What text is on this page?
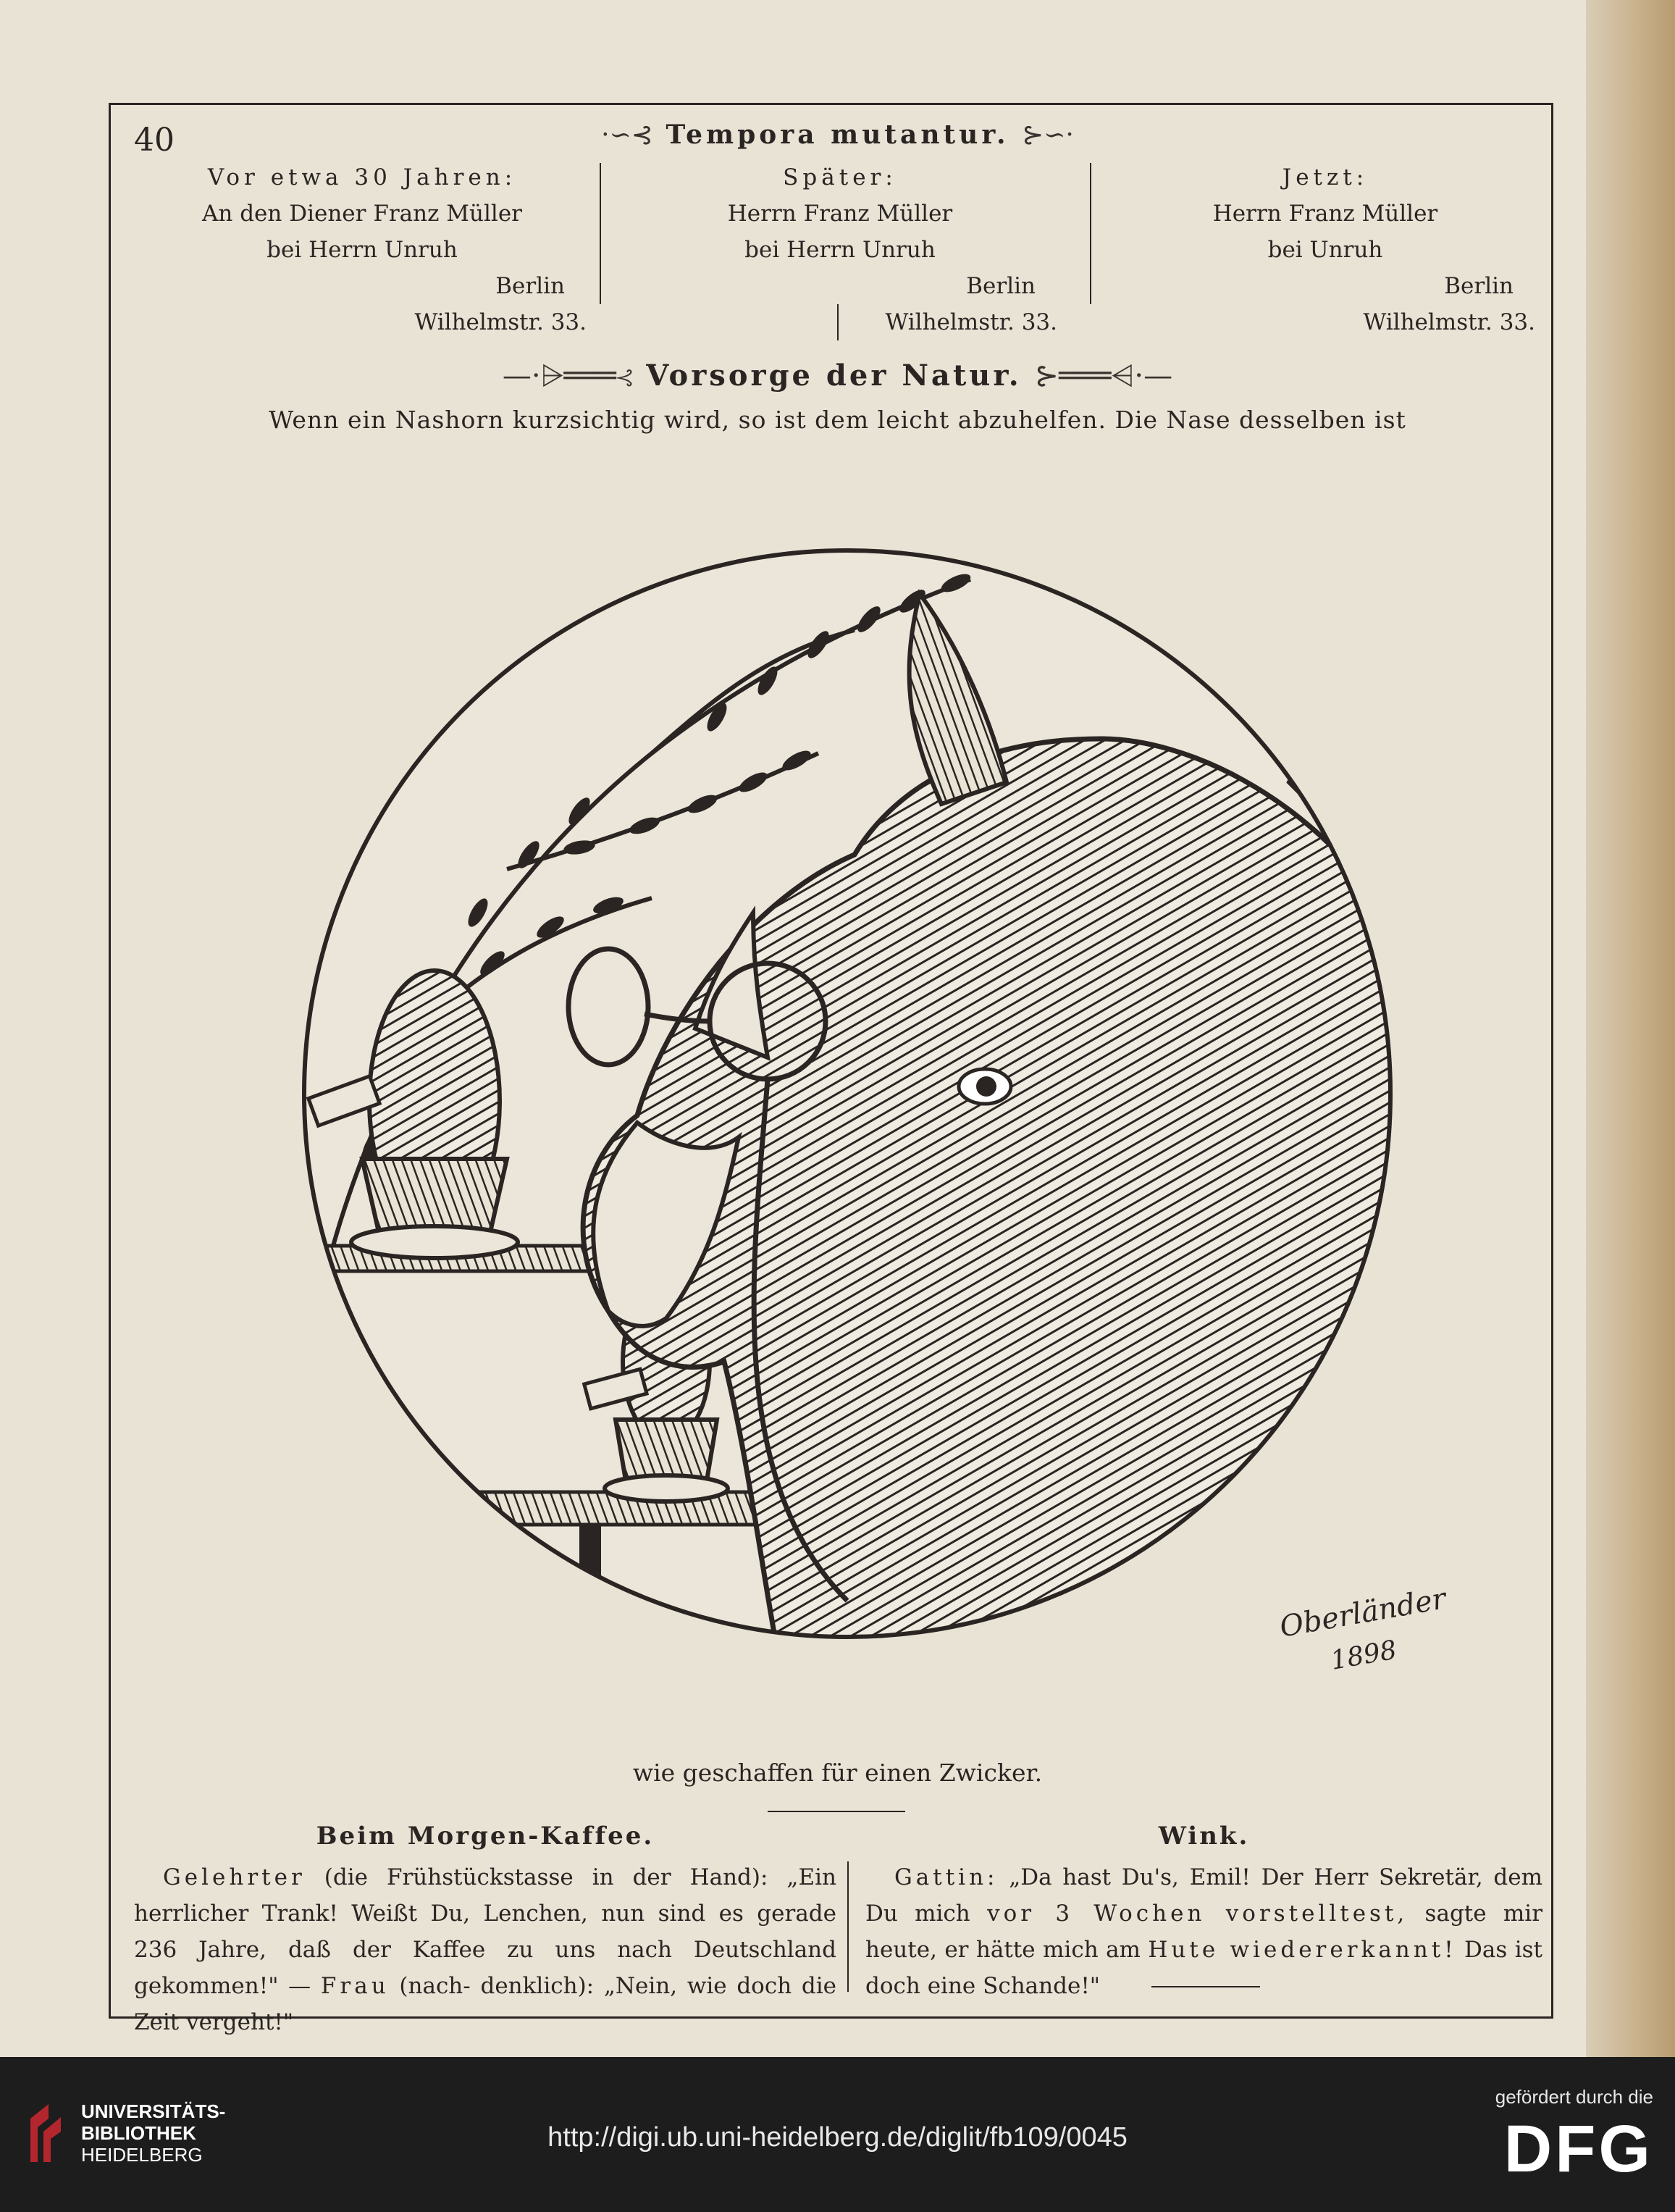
40	·∽⊰ Tempora mutantur. ⊱∽·
Vor etwa 30 Jahren:
An den Diener Franz Müller
bei Herrn Unruh
Berlin
Wilhelmstr. 33.
Später:
Herrn Franz Müller
bei Herrn Unruh
Berlin
Wilhelmstr. 33.
Jetzt:
Herrn Franz Müller
bei Unruh
Berlin
Wilhelmstr. 33.
—·⩥═══⊰ Vorsorge der Natur. ⊱═══⩤·—
Wenn ein Nashorn kurzsichtig wird, so ist dem leicht abzuhelfen. Die Nase desselben ist
Oberländer
1898
wie geschaffen für einen Zwicker.
Beim Morgen-Kaffee.
Gelehrter (die Frühstückstasse in der Hand): „Ein herrlicher Trank! Weißt Du, Lenchen, nun sind es gerade 236 Jahre, daß der Kaffee zu uns nach Deutschland gekommen!" — Frau (nach- denklich): „Nein, wie doch die Zeit vergeht!"
Wink.
Gattin: „Da hast Du's, Emil! Der Herr Sekretär, dem Du mich vor 3 Wochen vorstelltest, sagte mir heute, er hätte mich am Hute wiedererkannt! Das ist doch eine Schande!"
UNIVERSITÄTS-
BIBLIOTHEK
HEIDELBERG
http://digi.ub.uni-heidelberg.de/diglit/fb109/0045
gefördert durch die
DFG
